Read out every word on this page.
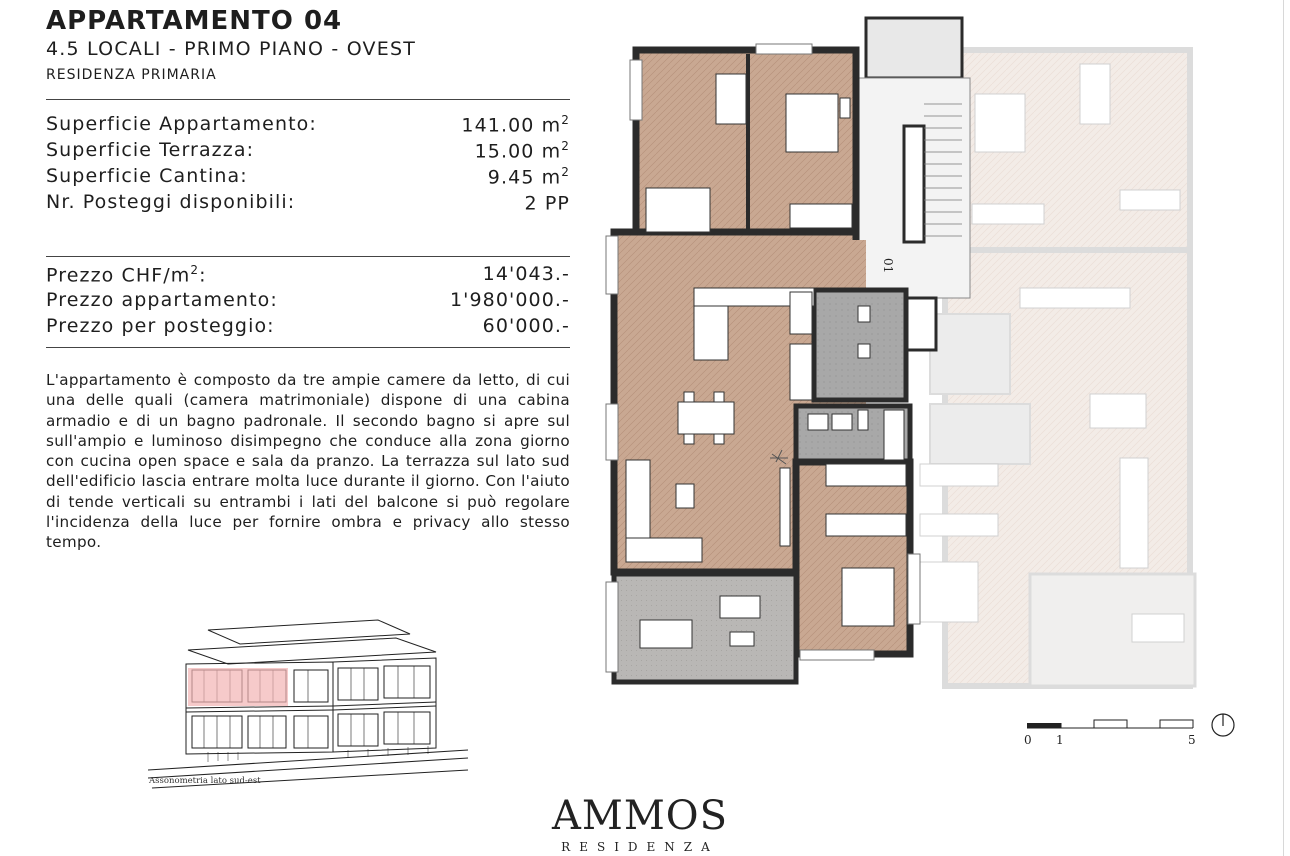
APPARTAMENTO 04
4.5 LOCALI - PRIMO PIANO - OVEST
RESIDENZA PRIMARIA
Superficie Appartamento:	141.00 $m^2$
Superficie Terrazza:	15.00 $m^2$
Superficie Cantina:	9.45 $m^2$
Nr. Posteggi disponibili:	2 PP
Prezzo CHF/$m^2$:	14'043.-
Prezzo appartamento:	1'980'000.-
Prezzo per posteggio:	60'000.-
L'appartamento è composto da tre ampie camere da letto, di cui una delle quali (camera matrimoniale) dispone di una cabina armadio e di un bagno padronale. Il secondo bagno si apre sul sull'ampio e luminoso disimpegno che conduce alla zona giorno con cucina open space e sala da pranzo. La terrazza sul lato sud dell'edificio lascia entrare molta luce durante il giorno. Con l'aiuto di tende verticali su entrambi i lati del balcone si può regolare l'incidenza della luce per fornire ombra e privacy allo stesso tempo.
Assonometria lato sud-est
01
0 1	5
AMMOS
RESIDENZA
